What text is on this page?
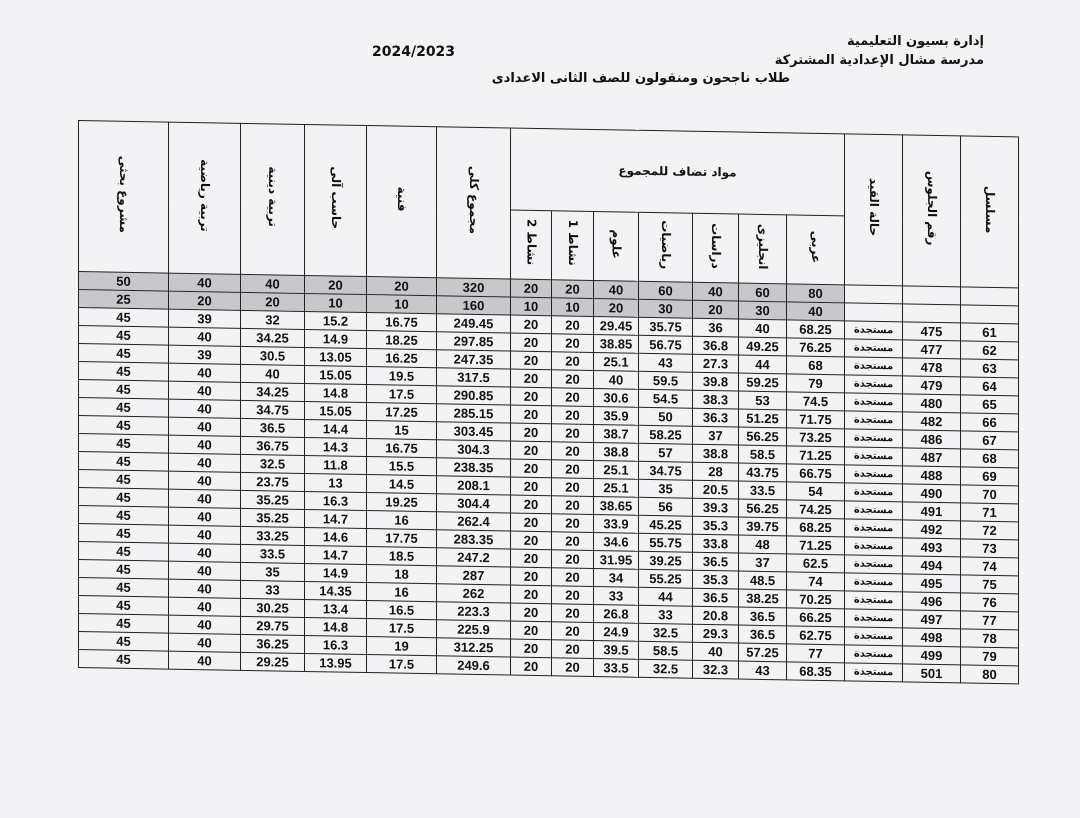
2024/2023
إدارة بسيون التعليمية
مدرسة مشال الإعدادية المشتركة
طلاب ناجحون ومنقولون للصف الثانى الاعدادى
مسلسل	رقم الجلوس	حالة القيد	مواد تضاف للمجموع							مجموع كلى	فنية	حاسب آلى	تربية دينية	تربية رياضية	مشروع بحثى
			عربى	انجليزى	دراسات	رياضيات	علوم	نشاط 1	نشاط 2						
			80	60	40	60	40	20	20	320	20	20	40	40	50
			40	30	20	30	20	10	10	160	10	10	20	20	25
61	475	مستجدة	68.25	40	36	35.75	29.45	20	20	249.45	16.75	15.2	32	39	45
62	477	مستجدة	76.25	49.25	36.8	56.75	38.85	20	20	297.85	18.25	14.9	34.25	40	45
63	478	مستجدة	68	44	27.3	43	25.1	20	20	247.35	16.25	13.05	30.5	39	45
64	479	مستجدة	79	59.25	39.8	59.5	40	20	20	317.5	19.5	15.05	40	40	45
65	480	مستجدة	74.5	53	38.3	54.5	30.6	20	20	290.85	17.5	14.8	34.25	40	45
66	482	مستجدة	71.75	51.25	36.3	50	35.9	20	20	285.15	17.25	15.05	34.75	40	45
67	486	مستجدة	73.25	56.25	37	58.25	38.7	20	20	303.45	15	14.4	36.5	40	45
68	487	مستجدة	71.25	58.5	38.8	57	38.8	20	20	304.3	16.75	14.3	36.75	40	45
69	488	مستجدة	66.75	43.75	28	34.75	25.1	20	20	238.35	15.5	11.8	32.5	40	45
70	490	مستجدة	54	33.5	20.5	35	25.1	20	20	208.1	14.5	13	23.75	40	45
71	491	مستجدة	74.25	56.25	39.3	56	38.65	20	20	304.4	19.25	16.3	35.25	40	45
72	492	مستجدة	68.25	39.75	35.3	45.25	33.9	20	20	262.4	16	14.7	35.25	40	45
73	493	مستجدة	71.25	48	33.8	55.75	34.6	20	20	283.35	17.75	14.6	33.25	40	45
74	494	مستجدة	62.5	37	36.5	39.25	31.95	20	20	247.2	18.5	14.7	33.5	40	45
75	495	مستجدة	74	48.5	35.3	55.25	34	20	20	287	18	14.9	35	40	45
76	496	مستجدة	70.25	38.25	36.5	44	33	20	20	262	16	14.35	33	40	45
77	497	مستجدة	66.25	36.5	20.8	33	26.8	20	20	223.3	16.5	13.4	30.25	40	45
78	498	مستجدة	62.75	36.5	29.3	32.5	24.9	20	20	225.9	17.5	14.8	29.75	40	45
79	499	مستجدة	77	57.25	40	58.5	39.5	20	20	312.25	19	16.3	36.25	40	45
80	501	مستجدة	68.35	43	32.3	32.5	33.5	20	20	249.6	17.5	13.95	29.25	40	45
